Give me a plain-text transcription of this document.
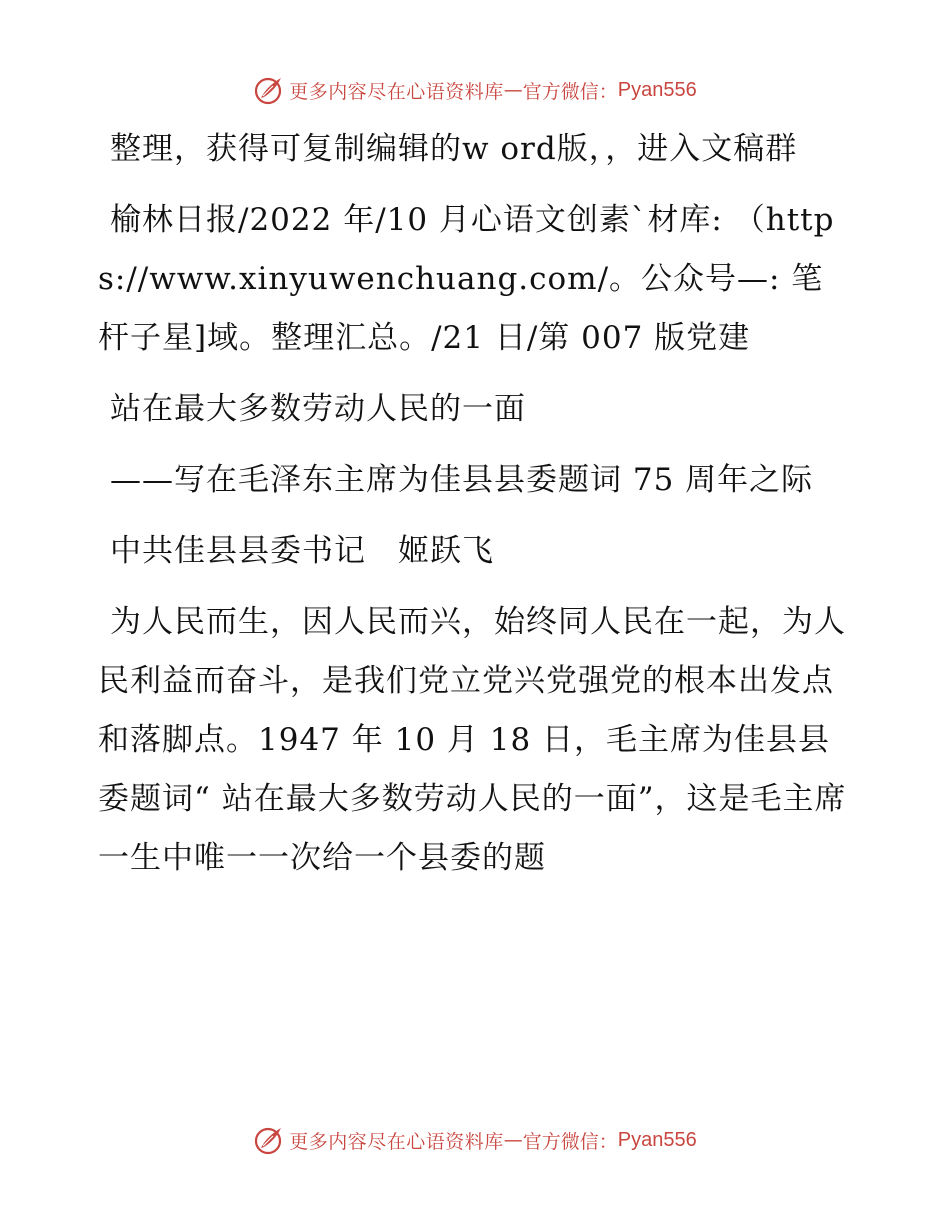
更多内容尽在心语资料库 — 官方微信： Pyan556

整理，获得可复制编辑的w ord版，，进入文稿群

榆林日报/2022 年/10 月心语文创素`材库: （https://www.xinyuwenchuang.com/。公众号—: 笔杆子星]域。整理汇总。/21 日/第 007 版党建

站在最大多数劳动人民的一面

——写在毛泽东主席为佳县县委题词 75 周年之际

中共佳县县委书记　姬跃飞

为人民而生，因人民而兴，始终同人民在一起，为人民利益而奋斗，是我们党立党兴党强党的根本出发点和落脚点。1947 年 10 月 18 日，毛主席为佳县县委题词“ 站在最大多数劳动人民的一面”，这是毛主席一生中唯一一次给一个县委的题

更多内容尽在心语资料库 — 官方微信： Pyan556
